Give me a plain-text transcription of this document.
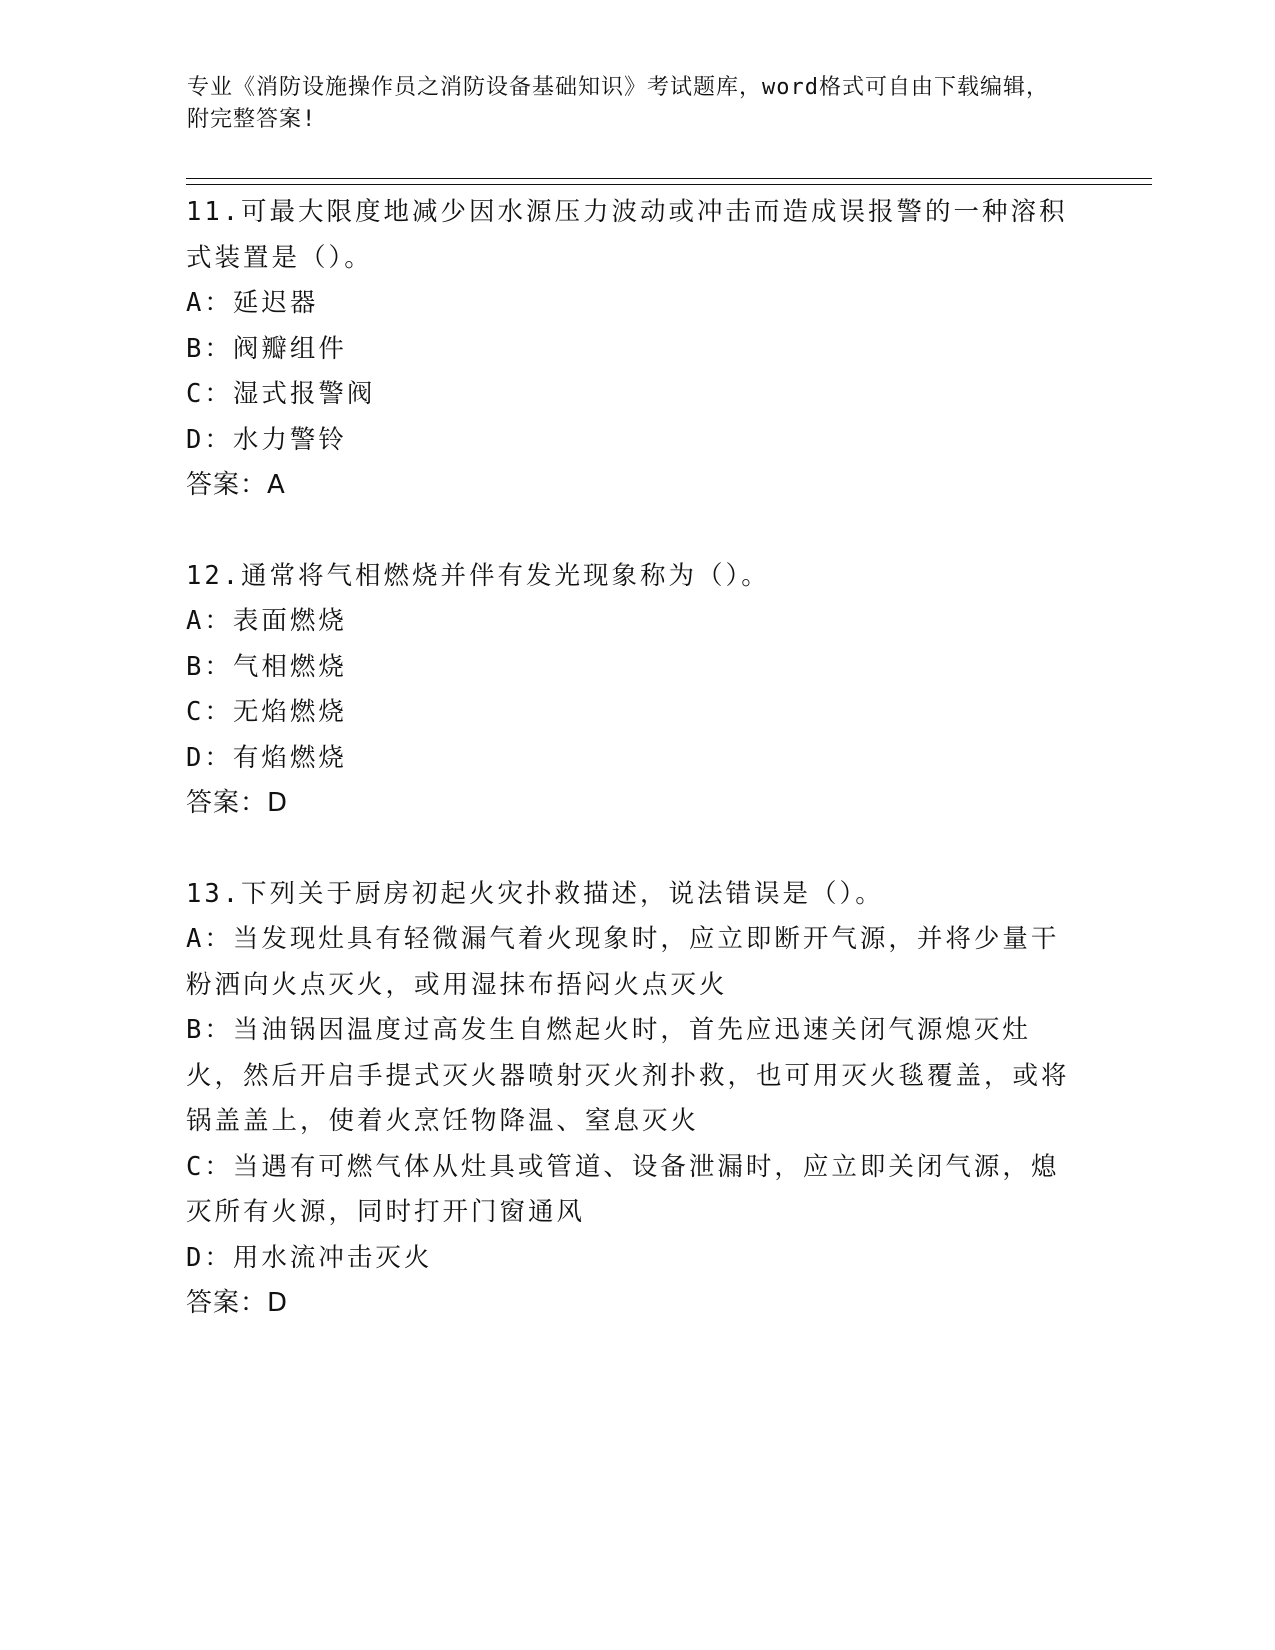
专业《消防设施操作员之消防设备基础知识》考试题库，word格式可自由下载编辑，附完整答案!

11.可最大限度地减少因水源压力波动或冲击而造成误报警的一种溶积式装置是（）。

A：延迟器

B：阀瓣组件

C：湿式报警阀

D：水力警铃

答案：A

12.通常将气相燃烧并伴有发光现象称为（）。

A：表面燃烧

B：气相燃烧

C：无焰燃烧

D：有焰燃烧

答案：D

13.下列关于厨房初起火灾扑救描述，说法错误是（）。

A：当发现灶具有轻微漏气着火现象时，应立即断开气源，并将少量干粉洒向火点灭火，或用湿抹布捂闷火点灭火

B：当油锅因温度过高发生自燃起火时，首先应迅速关闭气源熄灭灶火，然后开启手提式灭火器喷射灭火剂扑救，也可用灭火毯覆盖，或将锅盖盖上，使着火烹饪物降温、窒息灭火

C：当遇有可燃气体从灶具或管道、设备泄漏时，应立即关闭气源，熄灭所有火源，同时打开门窗通风

D：用水流冲击灭火

答案：D
